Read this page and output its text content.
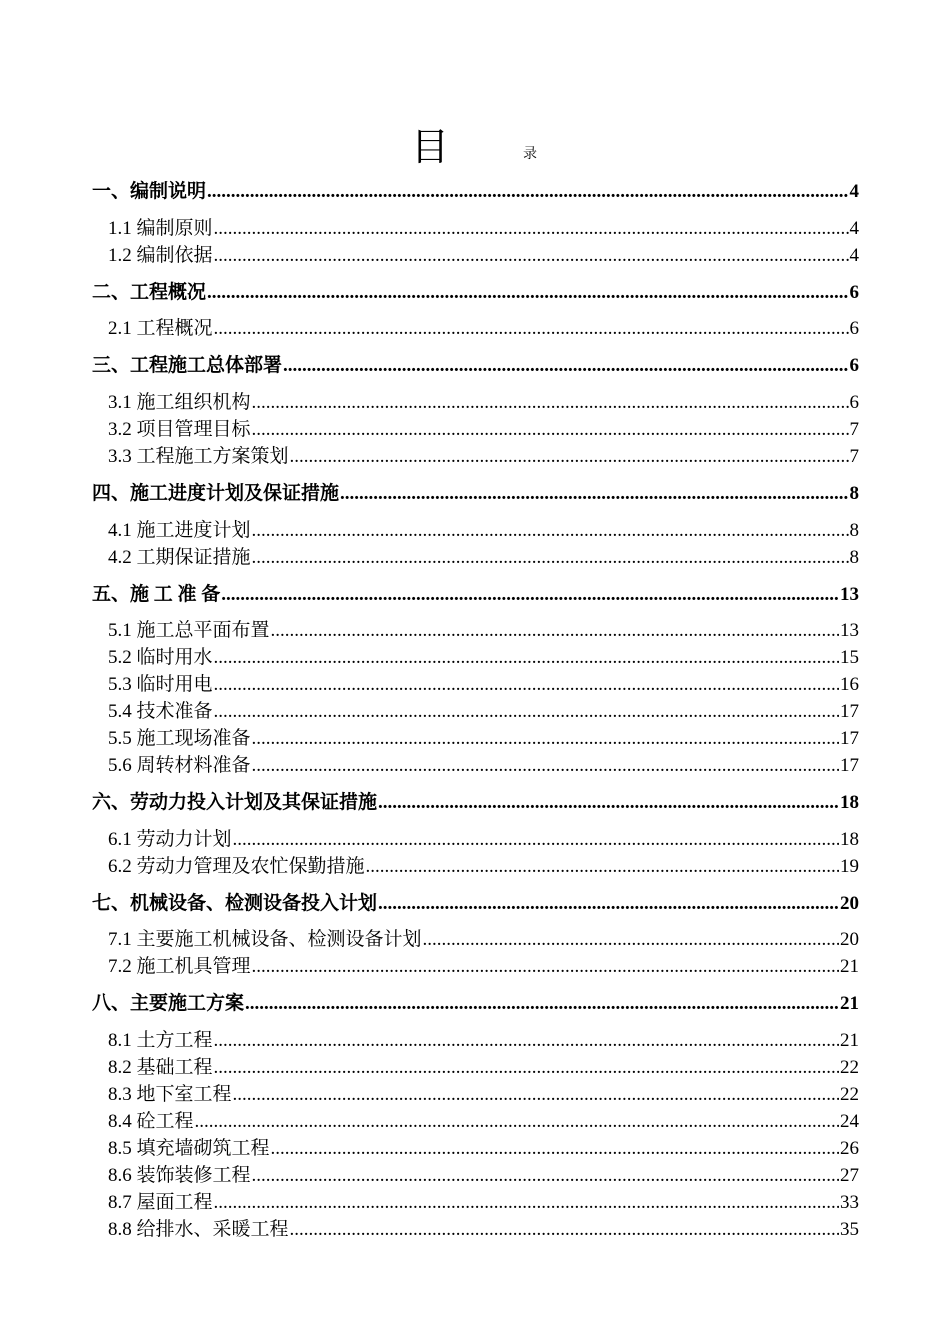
目	录
一、编制说明 .....	4
1.1 编制原则 .....	4
1.2 编制依据 .....	4
二、工程概况 .....	6
2.1 工程概况 .....	6
三、工程施工总体部署 .....	6
3.1 施工组织机构 .....	6
3.2 项目管理目标 .....	7
3.3 工程施工方案策划 .....	7
四、施工进度计划及保证措施 .....	8
4.1 施工进度计划 .....	8
4.2 工期保证措施 .....	8
五、施 工 准 备 .....	13
5.1 施工总平面布置 .....	13
5.2 临时用水 .....	15
5.3 临时用电 .....	16
5.4 技术准备 .....	17
5.5 施工现场准备 .....	17
5.6 周转材料准备 .....	17
六、劳动力投入计划及其保证措施 .....	18
6.1 劳动力计划 .....	18
6.2 劳动力管理及农忙保勤措施 .....	19
七、机械设备、检测设备投入计划 .....	20
7.1 主要施工机械设备、检测设备计划 .....	20
7.2 施工机具管理 .....	21
八、主要施工方案 .....	21
8.1 土方工程 .....	21
8.2 基础工程 .....	22
8.3 地下室工程 .....	22
8.4 砼工程 .....	24
8.5 填充墙砌筑工程 .....	26
8.6 装饰装修工程 .....	27
8.7 屋面工程 .....	33
8.8 给排水、采暖工程 .....	35
